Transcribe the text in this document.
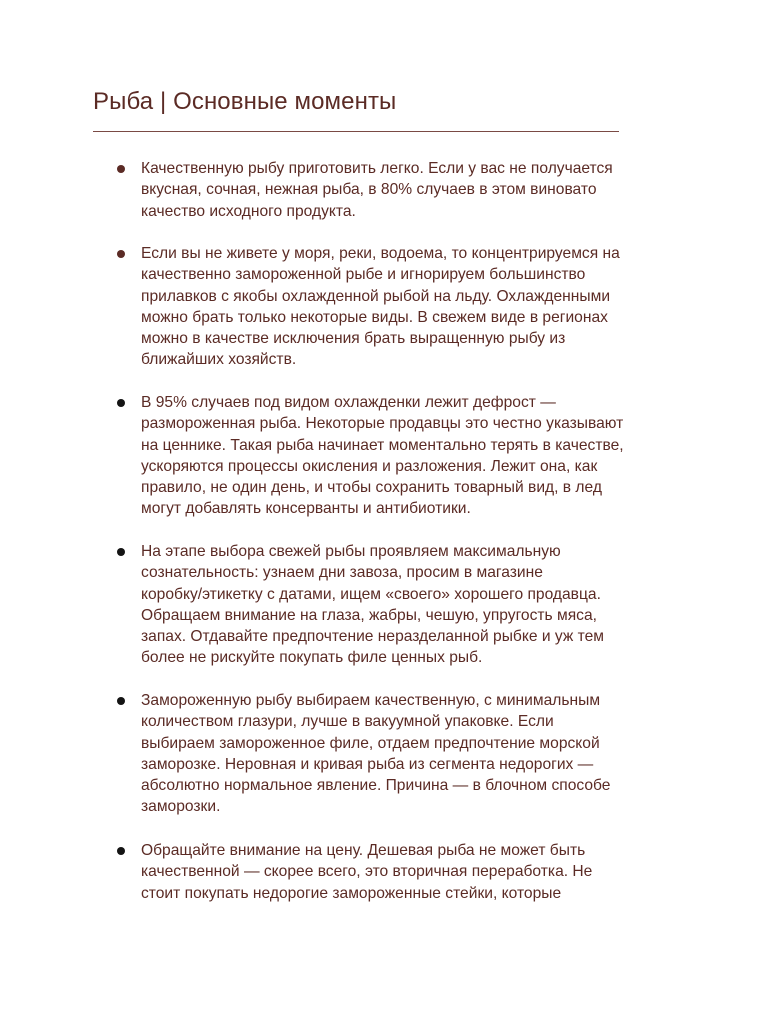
Рыба | Основные моменты

Качественную рыбу приготовить легко. Если у вас не получается
вкусная, сочная, нежная рыба, в 80% случаев в этом виновато
качество исходного продукта.

Если вы не живете у моря, реки, водоема, то концентрируемся на
качественно замороженной рыбе и игнорируем большинство
прилавков с якобы охлажденной рыбой на льду. Охлажденными
можно брать только некоторые виды. В свежем виде в регионах
можно в качестве исключения брать выращенную рыбу из
ближайших хозяйств.

В 95% случаев под видом охлажденки лежит дефрост —
размороженная рыба. Некоторые продавцы это честно указывают
на ценнике. Такая рыба начинает моментально терять в качестве,
ускоряются процессы окисления и разложения. Лежит она, как
правило, не один день, и чтобы сохранить товарный вид, в лед
могут добавлять консерванты и антибиотики.

На этапе выбора свежей рыбы проявляем максимальную
сознательность: узнаем дни завоза, просим в магазине
коробку/этикетку с датами, ищем «своего» хорошего продавца.
Обращаем внимание на глаза, жабры, чешую, упругость мяса,
запах. Отдавайте предпочтение неразделанной рыбке и уж тем
более не рискуйте покупать филе ценных рыб.

Замороженную рыбу выбираем качественную, с минимальным
количеством глазури, лучше в вакуумной упаковке. Если
выбираем замороженное филе, отдаем предпочтение морской
заморозке. Неровная и кривая рыба из сегмента недорогих —
абсолютно нормальное явление. Причина — в блочном способе
заморозки.

Обращайте внимание на цену. Дешевая рыба не может быть
качественной — скорее всего, это вторичная переработка. Не
стоит покупать недорогие замороженные стейки, которые
